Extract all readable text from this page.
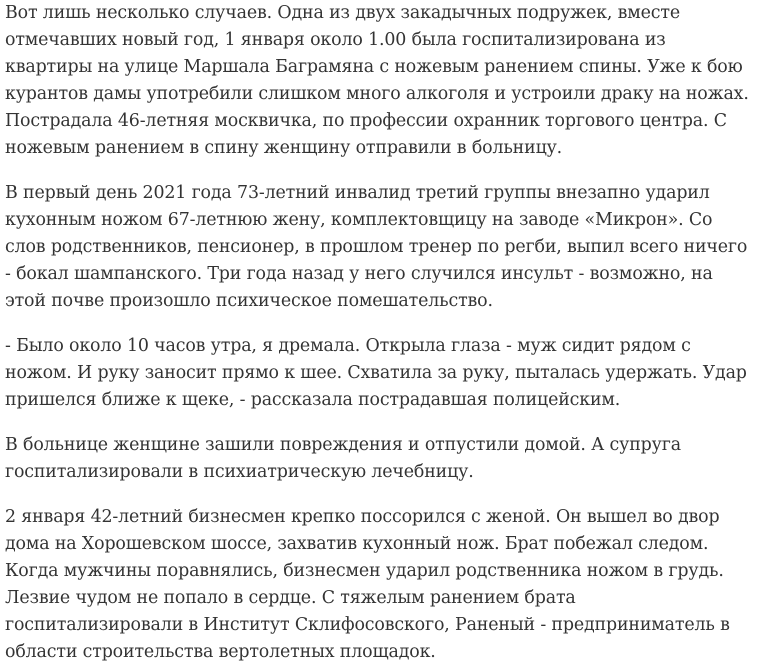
Вот лишь несколько случаев. Одна из двух закадычных подружек, вместе отмечавших новый год, 1 января около 1.00 была госпитализирована из квартиры на улице Маршала Баграмяна с ножевым ранением спины. Уже к бою курантов дамы употребили слишком много алкоголя и устроили драку на ножах. Пострадала 46-летняя москвичка, по профессии охранник торгового центра. С ножевым ранением в спину женщину отправили в больницу.

В первый день 2021 года 73-летний инвалид третий группы внезапно ударил кухонным ножом 67-летнюю жену, комплектовщицу на заводе «Микрон». Со слов родственников, пенсионер, в прошлом тренер по регби, выпил всего ничего - бокал шампанского. Три года назад у него случился инсульт - возможно, на этой почве произошло психическое помешательство.

- Было около 10 часов утра, я дремала. Открыла глаза - муж сидит рядом с ножом. И руку заносит прямо к шее. Схватила за руку, пыталась удержать. Удар пришелся ближе к щеке, - рассказала пострадавшая полицейским.

В больнице женщине зашили повреждения и отпустили домой. А супруга госпитализировали в психиатрическую лечебницу.

2 января 42-летний бизнесмен крепко поссорился с женой. Он вышел во двор дома на Хорошевском шоссе, захватив кухонный нож. Брат побежал следом. Когда мужчины поравнялись, бизнесмен ударил родственника ножом в грудь. Лезвие чудом не попало в сердце. С тяжелым ранением брата госпитализировали в Институт Склифосовского, Раненый - предприниматель в области строительства вертолетных площадок.
